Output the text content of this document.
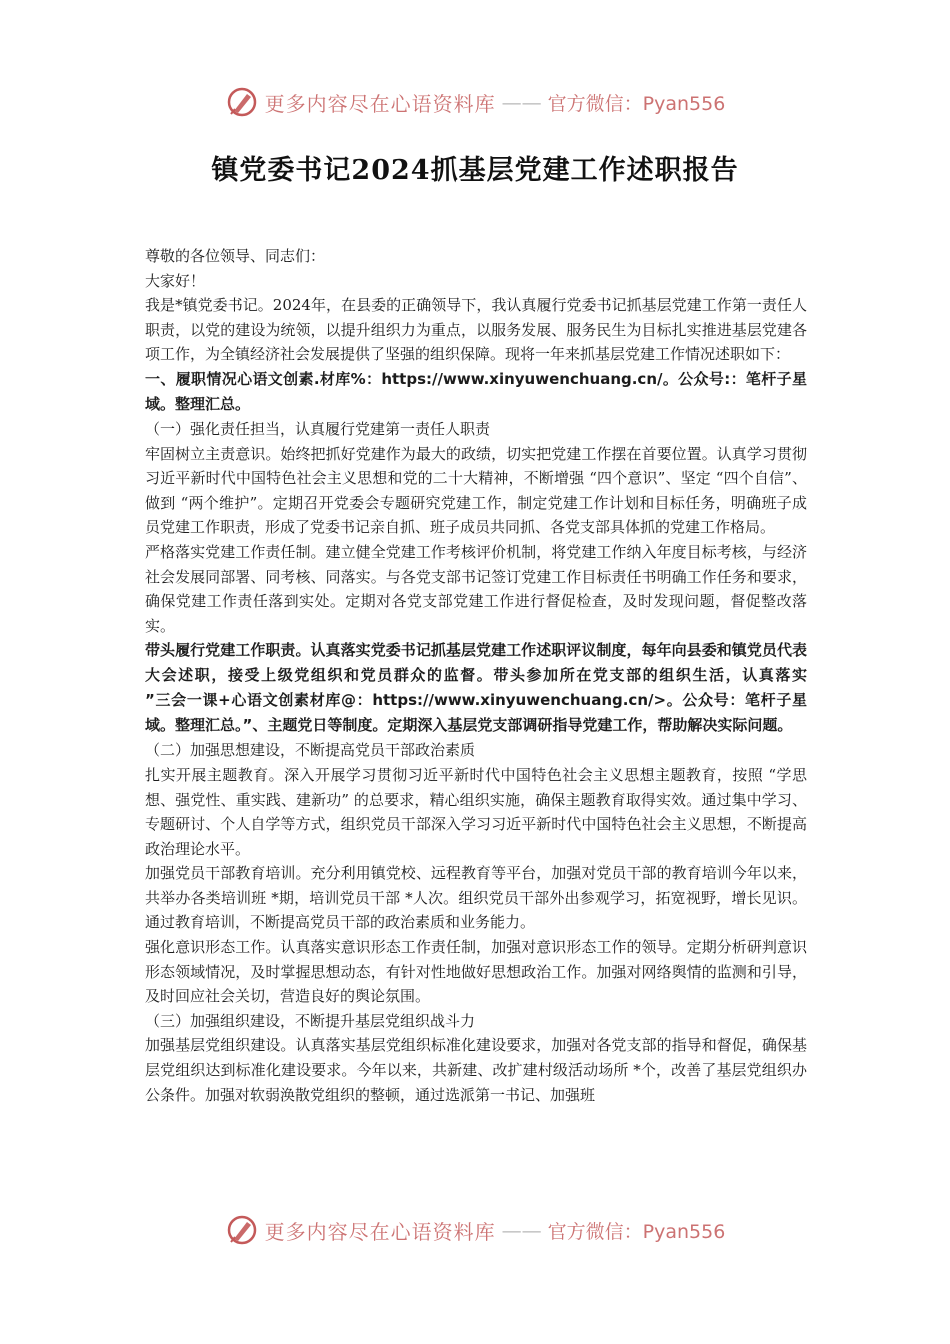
更多内容尽在心语资料库 —— 官方微信：Pyan556
镇党委书记2024抓基层党建工作述职报告

尊敬的各位领导、同志们：

大家好！

我是*镇党委书记。2024年，在县委的正确领导下，我认真履行党委书记抓基层党建工作第一责任人职责，以党的建设为统领，以提升组织力为重点，以服务发展、服务民生为目标扎实推进基层党建各项工作，为全镇经济社会发展提供了坚强的组织保障。现将一年来抓基层党建工作情况述职如下：

一、履职情况心语文创素.材库%：https://www.xinyuwenchuang.cn/。公众号:：笔杆子星域。整理汇总。

（一）强化责任担当，认真履行党建第一责任人职责

牢固树立主责意识。始终把抓好党建作为最大的政绩，切实把党建工作摆在首要位置。认真学习贯彻习近平新时代中国特色社会主义思想和党的二十大精神，不断增强 “四个意识”、坚定 “四个自信”、做到 “两个维护”。定期召开党委会专题研究党建工作，制定党建工作计划和目标任务，明确班子成员党建工作职责，形成了党委书记亲自抓、班子成员共同抓、各党支部具体抓的党建工作格局。

严格落实党建工作责任制。建立健全党建工作考核评价机制，将党建工作纳入年度目标考核，与经济社会发展同部署、同考核、同落实。与各党支部书记签订党建工作目标责任书明确工作任务和要求，确保党建工作责任落到实处。定期对各党支部党建工作进行督促检查，及时发现问题，督促整改落实。

带头履行党建工作职责。认真落实党委书记抓基层党建工作述职评议制度，每年向县委和镇党员代表大会述职，接受上级党组织和党员群众的监督。带头参加所在党支部的组织生活，认真落实

”三会一课+心语文创素材库@：https://www.xinyuwenchuang.cn/>。公众号：笔杆子星域。整理汇总。”、主题党日等制度。定期深入基层党支部调研指导党建工作，帮助解决实际问题。

（二）加强思想建设，不断提高党员干部政治素质

扎实开展主题教育。深入开展学习贯彻习近平新时代中国特色社会主义思想主题教育，按照 “学思想、强党性、重实践、建新功” 的总要求，精心组织实施，确保主题教育取得实效。通过集中学习、专题研讨、个人自学等方式，组织党员干部深入学习习近平新时代中国特色社会主义思想，不断提高政治理论水平。

加强党员干部教育培训。充分利用镇党校、远程教育等平台，加强对党员干部的教育培训今年以来，共举办各类培训班 *期，培训党员干部 *人次。组织党员干部外出参观学习，拓宽视野，增长见识。通过教育培训，不断提高党员干部的政治素质和业务能力。

强化意识形态工作。认真落实意识形态工作责任制，加强对意识形态工作的领导。定期分析研判意识形态领域情况，及时掌握思想动态，有针对性地做好思想政治工作。加强对网络舆情的监测和引导，及时回应社会关切，营造良好的舆论氛围。

（三）加强组织建设，不断提升基层党组织战斗力

加强基层党组织建设。认真落实基层党组织标准化建设要求，加强对各党支部的指导和督促，确保基层党组织达到标准化建设要求。今年以来，共新建、改扩建村级活动场所 *个，改善了基层党组织办公条件。加强对软弱涣散党组织的整顿，通过选派第一书记、加强班

更多内容尽在心语资料库 —— 官方微信：Pyan556
